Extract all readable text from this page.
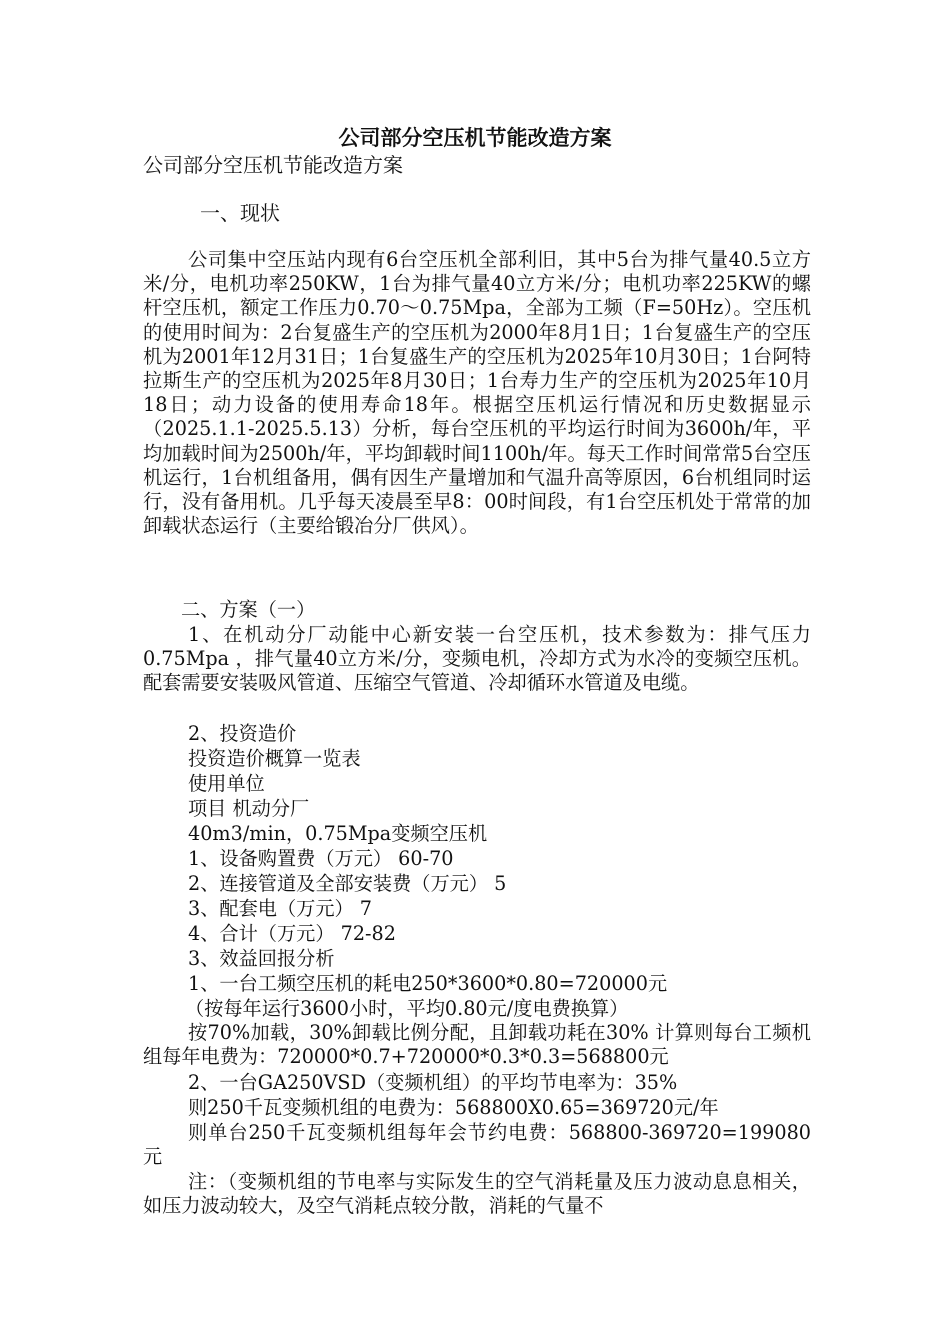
公司部分空压机节能改造方案
公司部分空压机节能改造方案
一、现状
公司集中空压站内现有6台空压机全部利旧，其中5台为排气量40.5立方米/分，电机功率250KW，1台为排气量40立方米/分；电机功率225KW的螺杆空压机，额定工作压力0.70～0.75Mpa，全部为工频（F=50Hz）。空压机的使用时间为：2台复盛生产的空压机为2000年8月1日；1台复盛生产的空压机为2001年12月31日；1台复盛生产的空压机为2025年10月30日；1台阿特拉斯生产的空压机为2025年8月30日；1台寿力生产的空压机为2025年10月18日；动力设备的使用寿命18年。根据空压机运行情况和历史数据显示（2025.1.1-2025.5.13）分析，每台空压机的平均运行时间为3600h/年，平均加载时间为2500h/年，平均卸载时间1100h/年。每天工作时间常常5台空压机运行，1台机组备用，偶有因生产量增加和气温升高等原因，6台机组同时运行，没有备用机。几乎每天凌晨至早8：00时间段，有1台空压机处于常常的加卸载状态运行（主要给锻冶分厂供风）。
二、方案（一）
1、在机动分厂动能中心新安装一台空压机，技术参数为：排气压力0.75Mpa ，排气量40立方米/分，变频电机，冷却方式为水冷的变频空压机。配套需要安装吸风管道、压缩空气管道、冷却循环水管道及电缆。
2、投资造价
投资造价概算一览表
使用单位
项目 机动分厂
40m3/min，0.75Mpa变频空压机
1、设备购置费（万元） 60-70
2、连接管道及全部安装费（万元） 5
3、配套电（万元） 7
4、合计（万元） 72-82
3、效益回报分析
1、一台工频空压机的耗电250*3600*0.80=720000元
（按每年运行3600小时，平均0.80元/度电费换算）
按70%加载，30%卸载比例分配，且卸载功耗在30% 计算则每台工频机组每年电费为：720000*0.7+720000*0.3*0.3=568800元
2、一台GA250VSD（变频机组）的平均节电率为：35%
则250千瓦变频机组的电费为：568800X0.65=369720元/年
则单台250千瓦变频机组每年会节约电费：568800-369720=199080元
注：（变频机组的节电率与实际发生的空气消耗量及压力波动息息相关，如压力波动较大，及空气消耗点较分散，消耗的气量不
